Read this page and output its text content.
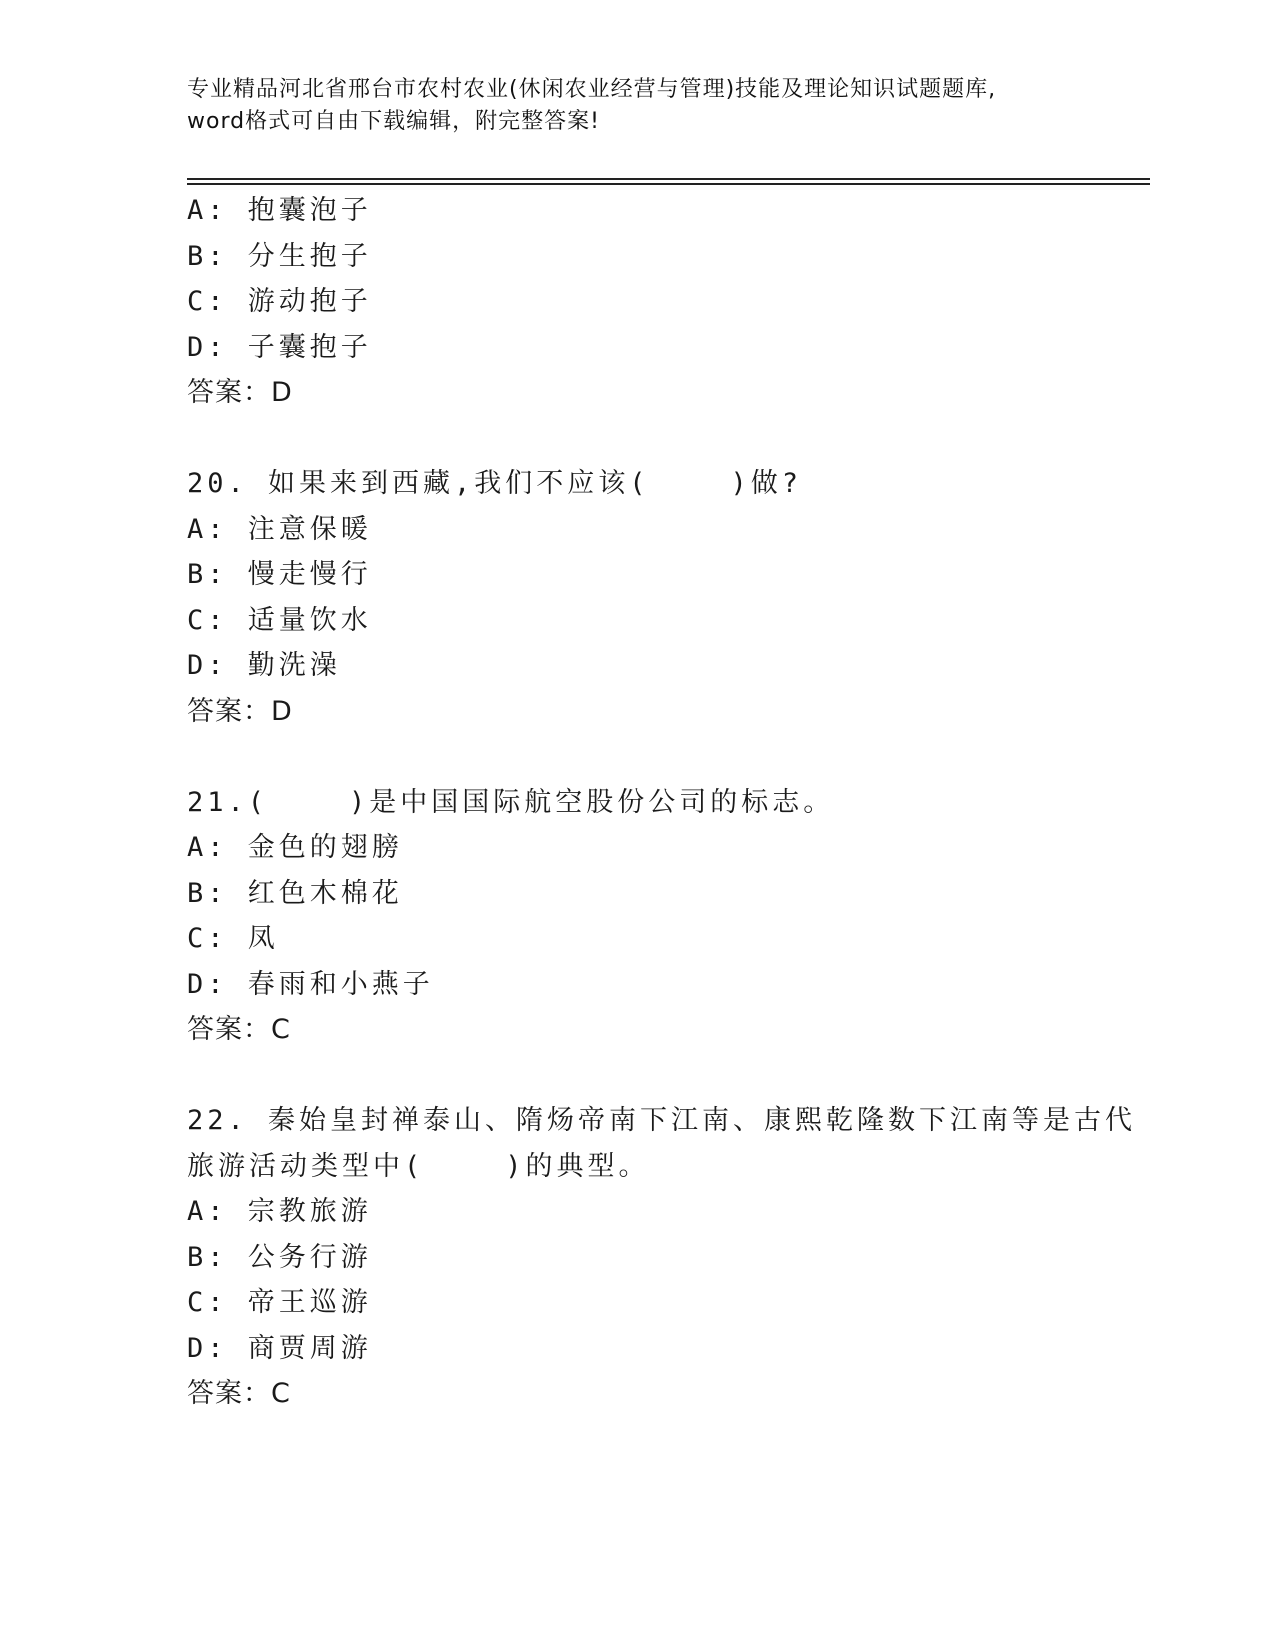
专业精品河北省邢台市农村农业(休闲农业经营与管理)技能及理论知识试题题库,
word格式可自由下载编辑，附完整答案!
A: 抱囊泡子
B: 分生抱子
C: 游动抱子
D: 子囊抱子
答案：D
20. 如果来到西藏,我们不应该(    )做?
A: 注意保暖
B: 慢走慢行
C: 适量饮水
D: 勤洗澡
答案：D
21.(    )是中国国际航空股份公司的标志。
A: 金色的翅膀
B: 红色木棉花
C: 凤
D: 春雨和小燕子
答案：C
22. 秦始皇封禅泰山、隋炀帝南下江南、康熙乾隆数下江南等是古代
旅游活动类型中(    )的典型。
A: 宗教旅游
B: 公务行游
C: 帝王巡游
D: 商贾周游
答案：C
